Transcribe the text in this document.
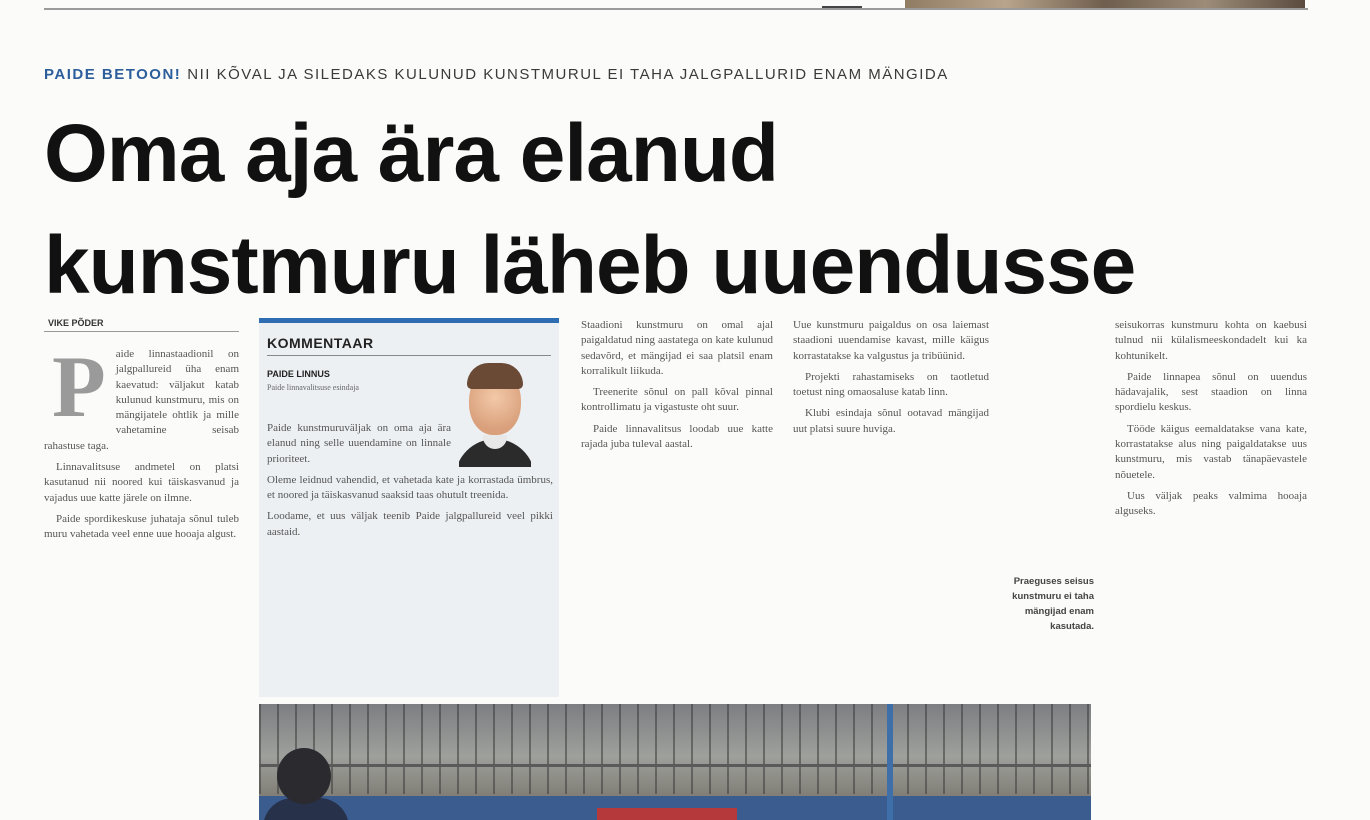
PAIDE BETOON! NII KÕVAL JA SILEDAKS KULUNUD KUNSTMURUL EI TAHA JALGPALLURID ENAM MÄNGIDA
Oma aja ära elanud
kunstmuru läheb uuendusse
VIKE PÕDER
P aide linnastaadionil on jalgpallureid üha enam kaevatud: väljakut katab kulunud kunstmuru, mis on mängijatele ohtlik ja mille vahetamine seisab rahastuse taga.

Linnavalitsuse andmetel on platsi kasutanud nii noored kui täiskasvanud ja vajadus uue katte järele on ilmne.

Paide spordikeskuse juhataja sõnul tuleb muru vahetada veel enne uue hooaja algust.

KOMMENTAAR
PAIDE LINNUS
Paide linnavalitsuse esindaja

Paide kunstmuruväljak on oma aja ära elanud ning selle uuendamine on linnale prioriteet.

Oleme leidnud vahendid, et vahetada kate ja korrastada ümbrus, et noored ja täiskasvanud saaksid taas ohutult treenida.

Loodame, et uus väljak teenib Paide jalgpallureid veel pikki aastaid.

Staadioni kunstmuru on omal ajal paigaldatud ning aastatega on kate kulunud sedavõrd, et mängijad ei saa platsil enam korralikult liikuda.

Treenerite sõnul on pall kõval pinnal kontrollimatu ja vigastuste oht suur.

Paide linnavalitsus loodab uue katte rajada juba tuleval aastal.

Uue kunstmuru paigaldus on osa laiemast staadioni uuendamise kavast, mille käigus korrastatakse ka valgustus ja tribüünid.

Projekti rahastamiseks on taotletud toetust ning omaosaluse katab linn.

Klubi esindaja sõnul ootavad mängijad uut platsi suure huviga.

Praeguses seisus kunstmuru ei taha mängijad enam kasutada.

seisukorras kunstmuru kohta on kaebusi tulnud nii külalismeeskondadelt kui ka kohtunikelt.

Paide linnapea sõnul on uuendus hädavajalik, sest staadion on linna spordielu keskus.

Tööde käigus eemaldatakse vana kate, korrastatakse alus ning paigaldatakse uus kunstmuru, mis vastab tänapäevastele nõuetele.

Uus väljak peaks valmima hooaja alguseks.
